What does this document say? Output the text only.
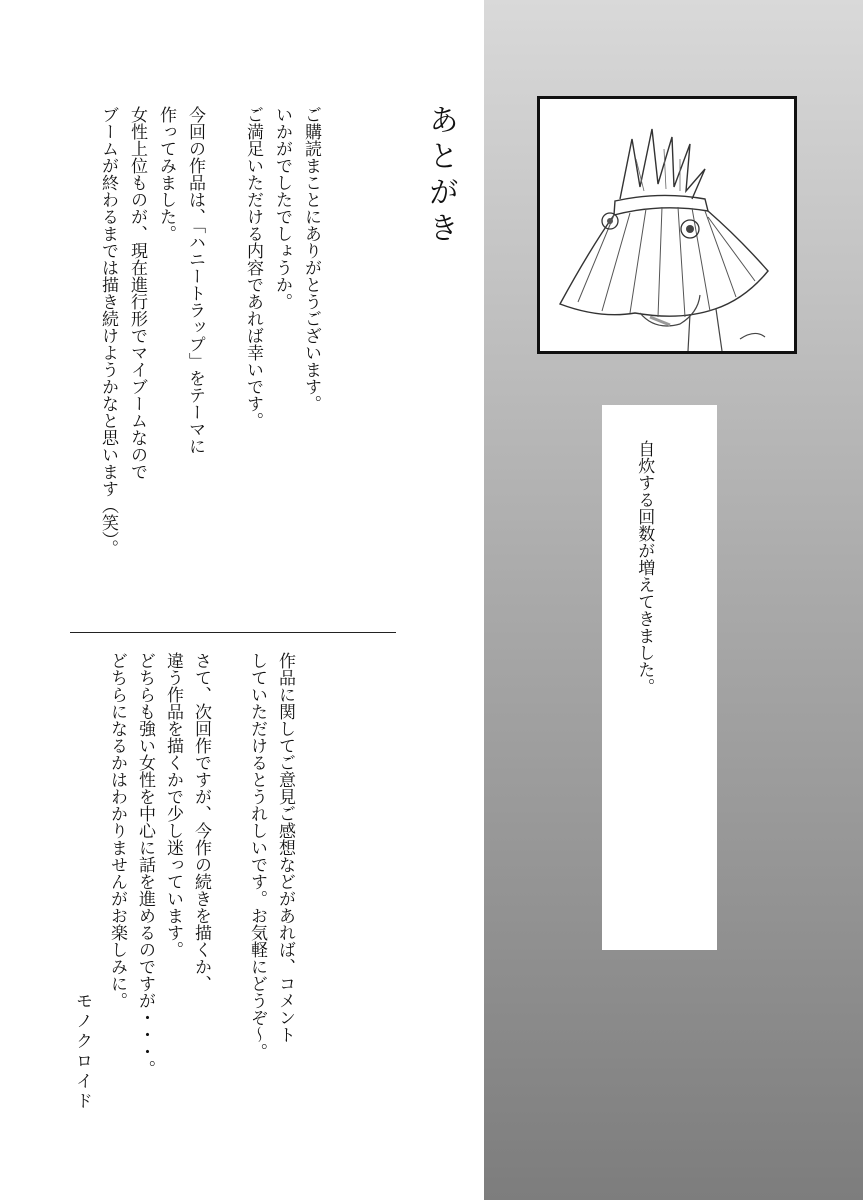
自炊する回数が増えてきました。
あとがき
ご購読まことにありがとうございます。
いかがでしたでしょうか。
ご満足いただける内容であれば幸いです。

今回の作品は、「ハニートラップ」をテーマに
作ってみました。
女性上位ものが、現在進行形でマイブームなので
ブームが終わるまでは描き続けようかなと思います（笑）。
作品に関してご意見ご感想などがあれば、コメント
していただけるとうれしいです。お気軽にどうぞ～。

さて、次回作ですが、今作の続きを描くか、
違う作品を描くかで少し迷っています。
どちらも強い女性を中心に話を進めるのですが・・・。
どちらになるかはわかりませんがお楽しみに。
モノクロイド
